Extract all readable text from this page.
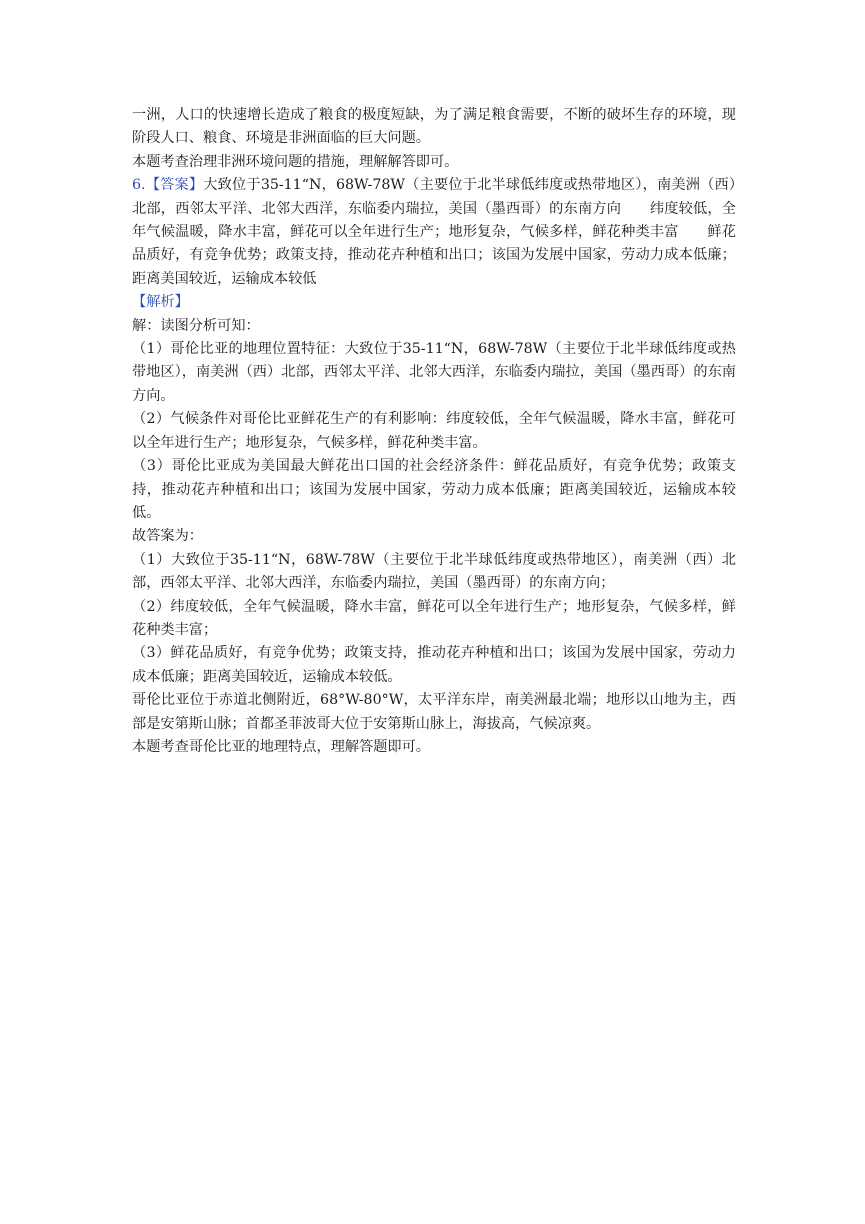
一洲，人口的快速增长造成了粮食的极度短缺，为了满足粮食需要，不断的破坏生存的环境，现阶段人口、粮食、环境是非洲面临的巨大问题。

本题考查治理非洲环境问题的措施，理解解答即可。

6.【答案】大致位于35-11“N，68W-78W（主要位于北半球低纬度或热带地区），南美洲（西）北部，西邻太平洋、北邻大西洋，东临委内瑞拉，美国（墨西哥）的东南方向　　纬度较低，全年气候温暖，降水丰富，鲜花可以全年进行生产；地形复杂，气候多样，鲜花种类丰富　　鲜花品质好，有竞争优势；政策支持，推动花卉种植和出口；该国为发展中国家，劳动力成本低廉；距离美国较近，运输成本较低

【解析】

解：读图分析可知：

（1）哥伦比亚的地理位置特征：大致位于35-11“N，68W-78W（主要位于北半球低纬度或热带地区），南美洲（西）北部，西邻太平洋、北邻大西洋，东临委内瑞拉，美国（墨西哥）的东南方向。

（2）气候条件对哥伦比亚鲜花生产的有利影响：纬度较低，全年气候温暖，降水丰富，鲜花可以全年进行生产；地形复杂，气候多样，鲜花种类丰富。

（3）哥伦比亚成为美国最大鲜花出口国的社会经济条件：鲜花品质好，有竞争优势；政策支持，推动花卉种植和出口；该国为发展中国家，劳动力成本低廉；距离美国较近，运输成本较低。

故答案为：

（1）大致位于35-11“N，68W-78W（主要位于北半球低纬度或热带地区），南美洲（西）北部，西邻太平洋、北邻大西洋，东临委内瑞拉，美国（墨西哥）的东南方向；

（2）纬度较低，全年气候温暖，降水丰富，鲜花可以全年进行生产；地形复杂，气候多样，鲜花种类丰富；

（3）鲜花品质好，有竞争优势；政策支持，推动花卉种植和出口；该国为发展中国家，劳动力成本低廉；距离美国较近，运输成本较低。

哥伦比亚位于赤道北侧附近，68°W-80°W，太平洋东岸，南美洲最北端；地形以山地为主，西部是安第斯山脉；首都圣菲波哥大位于安第斯山脉上，海拔高，气候凉爽。

本题考查哥伦比亚的地理特点，理解答题即可。
